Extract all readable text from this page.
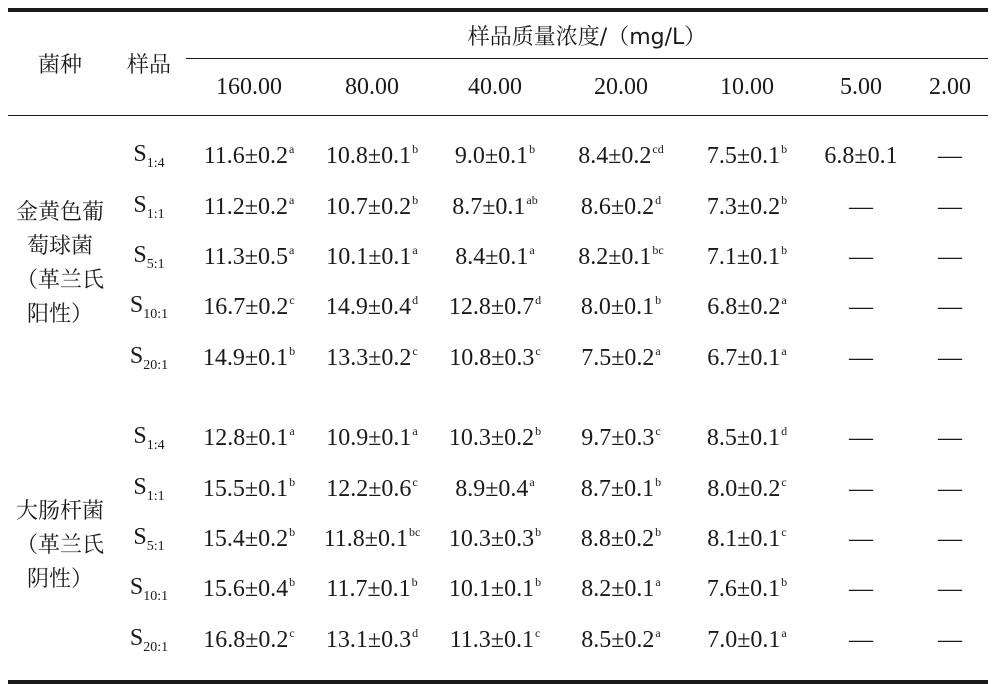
菌种	样品	样品质量浓度/（mg/L）						
		160.00	80.00	40.00	20.00	10.00	5.00	2.00
金黄色葡萄球菌（革兰氏阳性）	$S_{1:4}$	11.6±0.2$^a$	10.8±0.1$^b$	9.0±0.1$^b$	8.4±0.2$^{cd}$	7.5±0.1$^b$	6.8±0.1	—
	$S_{1:1}$	11.2±0.2$^a$	10.7±0.2$^b$	8.7±0.1$^{ab}$	8.6±0.2$^d$	7.3±0.2$^b$	—	—
	$S_{5:1}$	11.3±0.5$^a$	10.1±0.1$^a$	8.4±0.1$^a$	8.2±0.1$^{bc}$	7.1±0.1$^b$	—	—
	$S_{10:1}$	16.7±0.2$^c$	14.9±0.4$^d$	12.8±0.7$^d$	8.0±0.1$^b$	6.8±0.2$^a$	—	—
	$S_{20:1}$	14.9±0.1$^b$	13.3±0.2$^c$	10.8±0.3$^c$	7.5±0.2$^a$	6.7±0.1$^a$	—	—
大肠杆菌（革兰氏阴性）	$S_{1:4}$	12.8±0.1$^a$	10.9±0.1$^a$	10.3±0.2$^b$	9.7±0.3$^c$	8.5±0.1$^d$	—	—
	$S_{1:1}$	15.5±0.1$^b$	12.2±0.6$^c$	8.9±0.4$^a$	8.7±0.1$^b$	8.0±0.2$^c$	—	—
	$S_{5:1}$	15.4±0.2$^b$	11.8±0.1$^{bc}$	10.3±0.3$^b$	8.8±0.2$^b$	8.1±0.1$^c$	—	—
	$S_{10:1}$	15.6±0.4$^b$	11.7±0.1$^b$	10.1±0.1$^b$	8.2±0.1$^a$	7.6±0.1$^b$	—	—
	$S_{20:1}$	16.8±0.2$^c$	13.1±0.3$^d$	11.3±0.1$^c$	8.5±0.2$^a$	7.0±0.1$^a$	—	—
